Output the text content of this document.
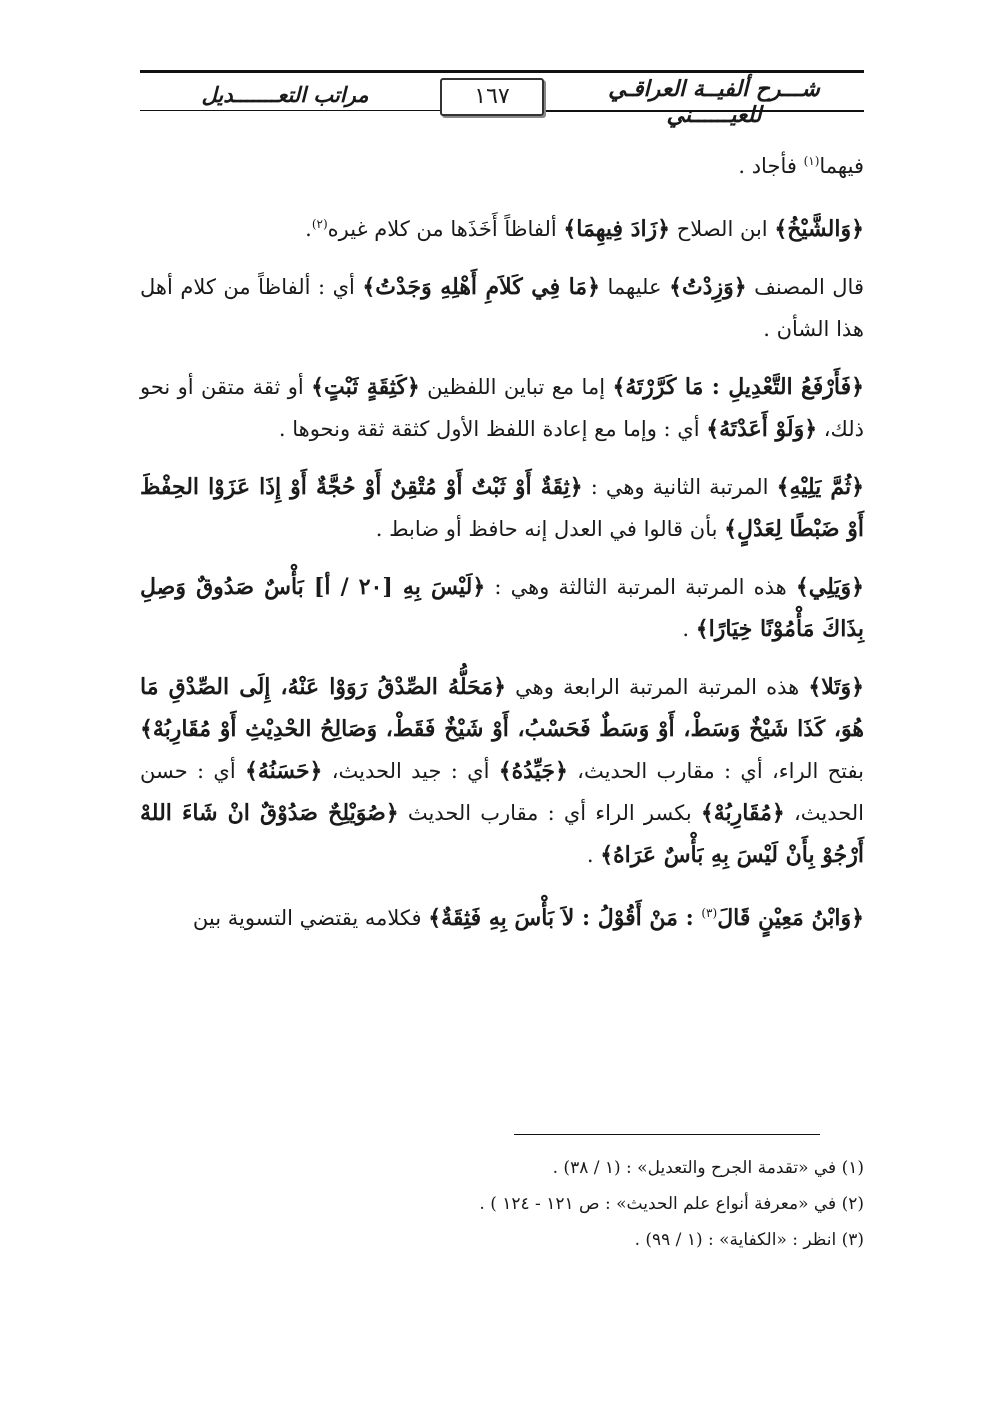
شـــرح ألفيــة العراقـي للعيــــــني
١٦٧
مراتب التعـــــــديل

فيهما$^{(١)}$ فأجاد .

﴿وَالشَّيْخُ﴾ ابن الصلاح ﴿زَادَ فِيهِمَا﴾ ألفاظاً أَخَذَها من كلام غيره$^{(٢)}$.

قال المصنف ﴿وَزِدْتُ﴾ عليهما ﴿مَا فِي كَلاَمِ أَهْلِهِ وَجَدْتُ﴾ أي : ألفاظاً من كلام أهل هذا الشأن .

﴿فَأَرْفَعُ التَّعْدِيلِ : مَا كَرَّرْتَهُ﴾ إما مع تباين اللفظين ﴿كَثِقَةٍ ثَبْتٍ﴾ أو ثقة متقن أو نحو ذلك، ﴿وَلَوْ أَعَدْتَهُ﴾ أي : وإما مع إعادة اللفظ الأول كثقة ثقة ونحوها .

﴿ثُمَّ يَلِيْهِ﴾ المرتبة الثانية وهي : ﴿ثِقَةٌ أَوْ ثَبْتٌ أَوْ مُتْقِنٌ أَوْ حُجَّةٌ أَوْ إِذَا عَزَوْا الحِفْظَ أَوْ ضَبْطًا لِعَدْلٍ﴾ بأن قالوا في العدل إنه حافظ أو ضابط .

﴿وَيَلِي﴾ هذه المرتبة المرتبة الثالثة وهي : ﴿لَيْسَ بِهِ [٢٠ / أ] بَأْسٌ صَدُوقٌ وَصِلِ بِذَاكَ مَأْمُوْنًا خِيَارًا﴾ .

﴿وَتَلا﴾ هذه المرتبة المرتبة الرابعة وهي ﴿مَحَلُّهُ الصِّدْقُ رَوَوْا عَنْهُ، إِلَى الصِّدْقِ مَا هُوَ، كَذَا شَيْخٌ وَسَطْ، أَوْ وَسَطٌ فَحَسْبُ، أَوْ شَيْخٌ فَقَطْ، وَصَالِحُ الحْدِيْثِ أَوْ مُقَارِبُهْ﴾ بفتح الراء، أي : مقارب الحديث، ﴿جَيِّدُهُ﴾ أي : جيد الحديث، ﴿حَسَنُهُ﴾ أي : حسن الحديث، ﴿مُقَارِبُهْ﴾ بكسر الراء أي : مقارب الحديث ﴿صُوَيْلِحٌ صَدُوْقٌ انْ شَاءَ اللهْ أَرْجُوْ بِأَنْ لَيْسَ بِهِ بَأْسٌ عَرَاهُ﴾ .

﴿وَابْنُ مَعِيْنٍ قَالَ$^{(٣)}$ : مَنْ أَقُوْلُ : لاَ بَأْسَ بِهِ فَثِقَةٌ﴾ فكلامه يقتضي التسوية بين

(١) في «تقدمة الجرح والتعديل» : (١ / ٣٨) .

(٢) في «معرفة أنواع علم الحديث» : ص ١٢١ - ١٢٤ ) .

(٣) انظر : «الكفاية» : (١ / ٩٩) .
